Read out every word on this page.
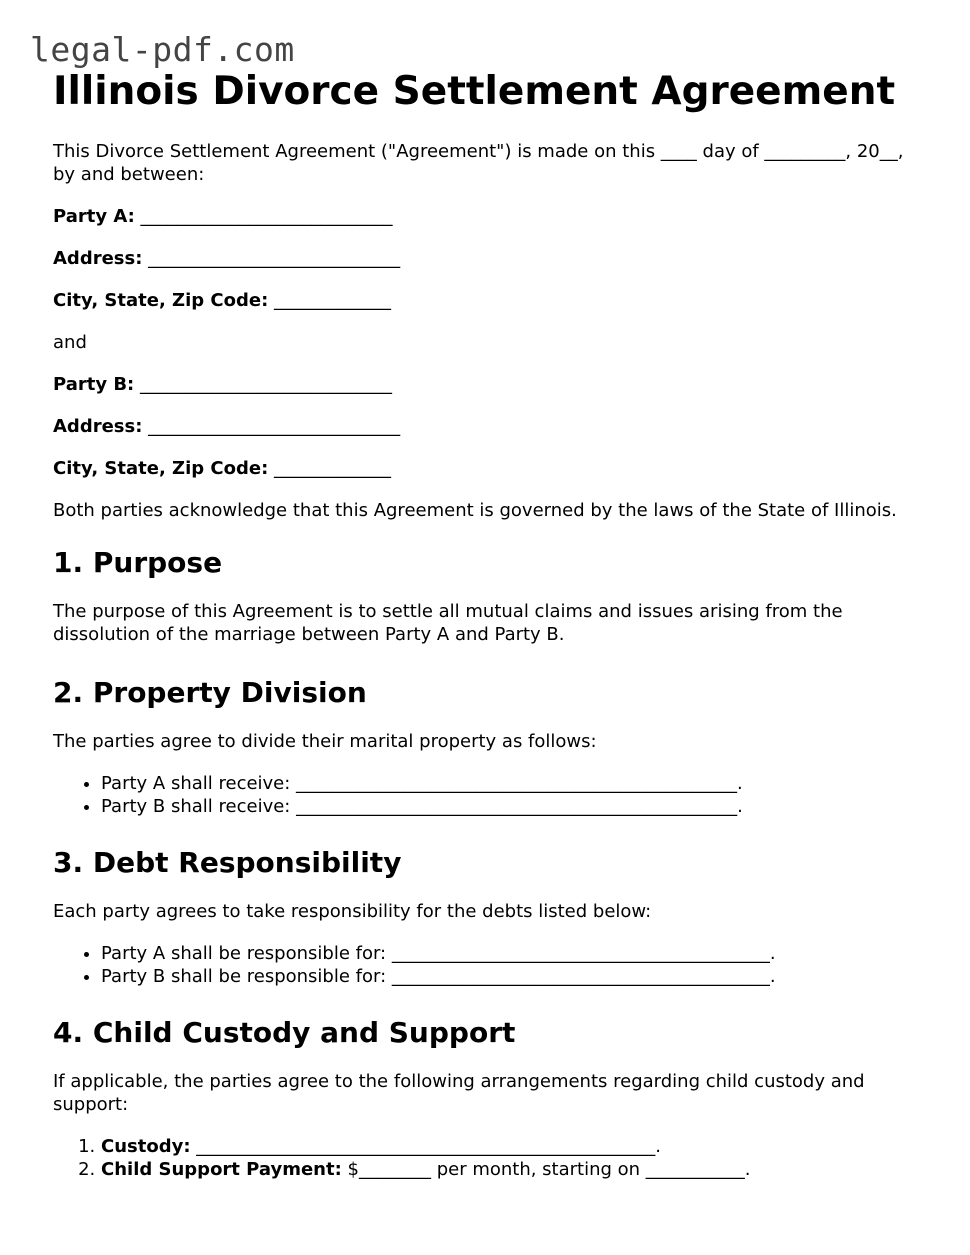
legal-pdf.com
Illinois Divorce Settlement Agreement

This Divorce Settlement Agreement ("Agreement") is made on this ____ day of _________, 20__, by and between:

Party A: ____________________________

Address: ____________________________

City, State, Zip Code: _____________

and

Party B: ____________________________

Address: ____________________________

City, State, Zip Code: _____________

Both parties acknowledge that this Agreement is governed by the laws of the State of Illinois.

1. Purpose

The purpose of this Agreement is to settle all mutual claims and issues arising from the dissolution of the marriage between Party A and Party B.

2. Property Division

The parties agree to divide their marital property as follows:

• Party A shall receive: _________________________________________________.
• Party B shall receive: _________________________________________________.
3. Debt Responsibility

Each party agrees to take responsibility for the debts listed below:

• Party A shall be responsible for: __________________________________________.
• Party B shall be responsible for: __________________________________________.
4. Child Custody and Support

If applicable, the parties agree to the following arrangements regarding child custody and support:

1. Custody: ___________________________________________________.
2. Child Support Payment: $________ per month, starting on ___________.
